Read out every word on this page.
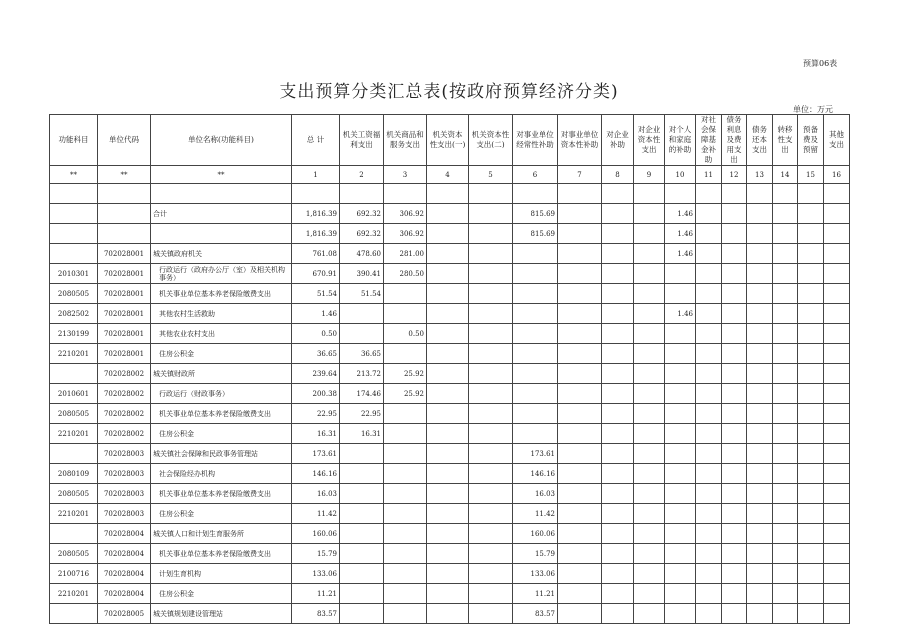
预算06表
支出预算分类汇总表(按政府预算经济分类)
单位：万元
功能科目	单位代码	单位名称(功能科目)	总 计	机关工资福利支出	机关商品和服务支出	机关资本性支出(一)	机关资本性支出(二)	对事业单位经常性补助	对事业单位资本性补助	对企业补助	对企业资本性支出	对个人和家庭的补助	对社会保障基金补助	债务利息及费用支出	债务还本支出	转移性支出	预备费及预留	其他支出
**	**	**	1	2	3	4	5	6	7	8	9	10	11	12	13	14	15	16

		合计	1,816.39	692.32	306.92			815.69				1.46						
			1,816.39	692.32	306.92			815.69				1.46						
	702028001	城关镇政府机关	761.08	478.60	281.00							1.46						
2010301	702028001	行政运行（政府办公厅（室）及相关机构事务）	670.91	390.41	280.50													
2080505	702028001	机关事业单位基本养老保险缴费支出	51.54	51.54														
2082502	702028001	其他农村生活救助	1.46									1.46						
2130199	702028001	其他农业农村支出	0.50		0.50													
2210201	702028001	住房公积金	36.65	36.65														
	702028002	城关镇财政所	239.64	213.72	25.92													
2010601	702028002	行政运行（财政事务）	200.38	174.46	25.92													
2080505	702028002	机关事业单位基本养老保险缴费支出	22.95	22.95														
2210201	702028002	住房公积金	16.31	16.31														
	702028003	城关镇社会保障和民政事务管理站	173.61					173.61										
2080109	702028003	社会保险经办机构	146.16					146.16										
2080505	702028003	机关事业单位基本养老保险缴费支出	16.03					16.03										
2210201	702028003	住房公积金	11.42					11.42										
	702028004	城关镇人口和计划生育服务所	160.06					160.06										
2080505	702028004	机关事业单位基本养老保险缴费支出	15.79					15.79										
2100716	702028004	计划生育机构	133.06					133.06										
2210201	702028004	住房公积金	11.21					11.21										
	702028005	城关镇规划建设管理站	83.57					83.57										
